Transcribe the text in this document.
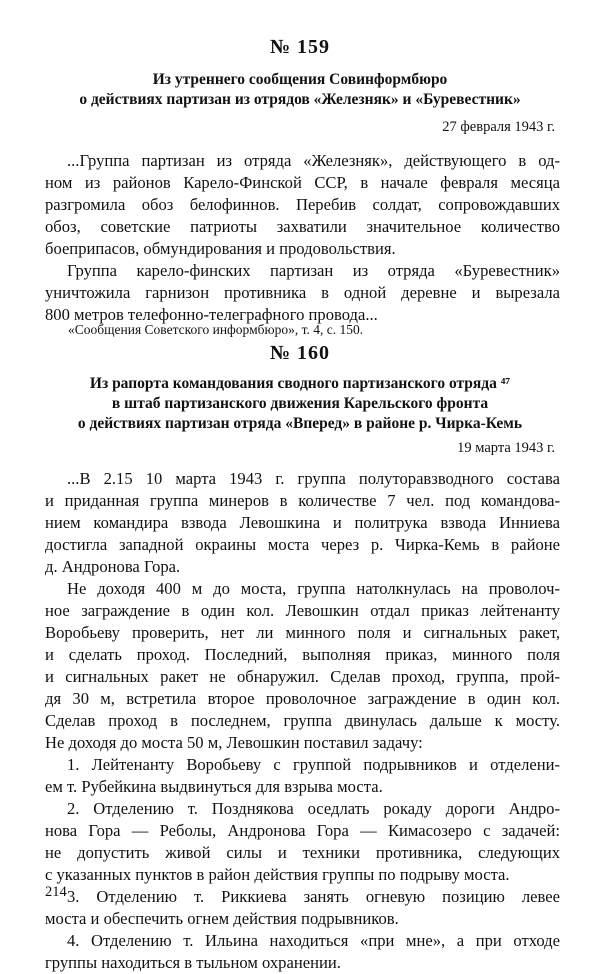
№ 159
Из утреннего сообщения Совинформбюро
о действиях партизан из отрядов «Железняк» и «Буревестник»
27 февраля 1943 г.
...Группа партизан из отряда «Железняк», действующего в од-
ном из районов Карело-Финской ССР, в начале февраля месяца
разгромила обоз белофиннов. Перебив солдат, сопровождавших
обоз, советские патриоты захватили значительное количество
боеприпасов, обмундирования и продовольствия.
Группа карело-финских партизан из отряда «Буревестник»
уничтожила гарнизон противника в одной деревне и вырезала
800 метров телефонно-телеграфного провода...
«Сообщения Советского информбюро», т. 4, с. 150.
№ 160
Из рапорта командования сводного партизанского отряда ⁴⁷
в штаб партизанского движения Карельского фронта
о действиях партизан отряда «Вперед» в районе р. Чирка-Кемь
19 марта 1943 г.
...В 2.15 10 марта 1943 г. группа полуторавзводного состава
и приданная группа минеров в количестве 7 чел. под командова-
нием командира взвода Левошкина и политрука взвода Инниева
достигла западной окраины моста через р. Чирка-Кемь в районе
д. Андронова Гора.
Не доходя 400 м до моста, группа натолкнулась на проволоч-
ное заграждение в один кол. Левошкин отдал приказ лейтенанту
Воробьеву проверить, нет ли минного поля и сигнальных ракет,
и сделать проход. Последний, выполняя приказ, минного поля
и сигнальных ракет не обнаружил. Сделав проход, группа, прой-
дя 30 м, встретила второе проволочное заграждение в один кол.
Сделав проход в последнем, группа двинулась дальше к мосту.
Не доходя до моста 50 м, Левошкин поставил задачу:
1. Лейтенанту Воробьеву с группой подрывников и отделени-
ем т. Рубейкина выдвинуться для взрыва моста.
2. Отделению т. Позднякова оседлать рокаду дороги Андро-
нова Гора — Реболы, Андронова Гора — Кимасозеро с задачей:
не допустить живой силы и техники противника, следующих
с указанных пунктов в район действия группы по подрыву моста.
3. Отделению т. Риккиева занять огневую позицию левее
моста и обеспечить огнем действия подрывников.
4. Отделению т. Ильина находиться «при мне», а при отходе
группы находиться в тыльном охранении.
214
